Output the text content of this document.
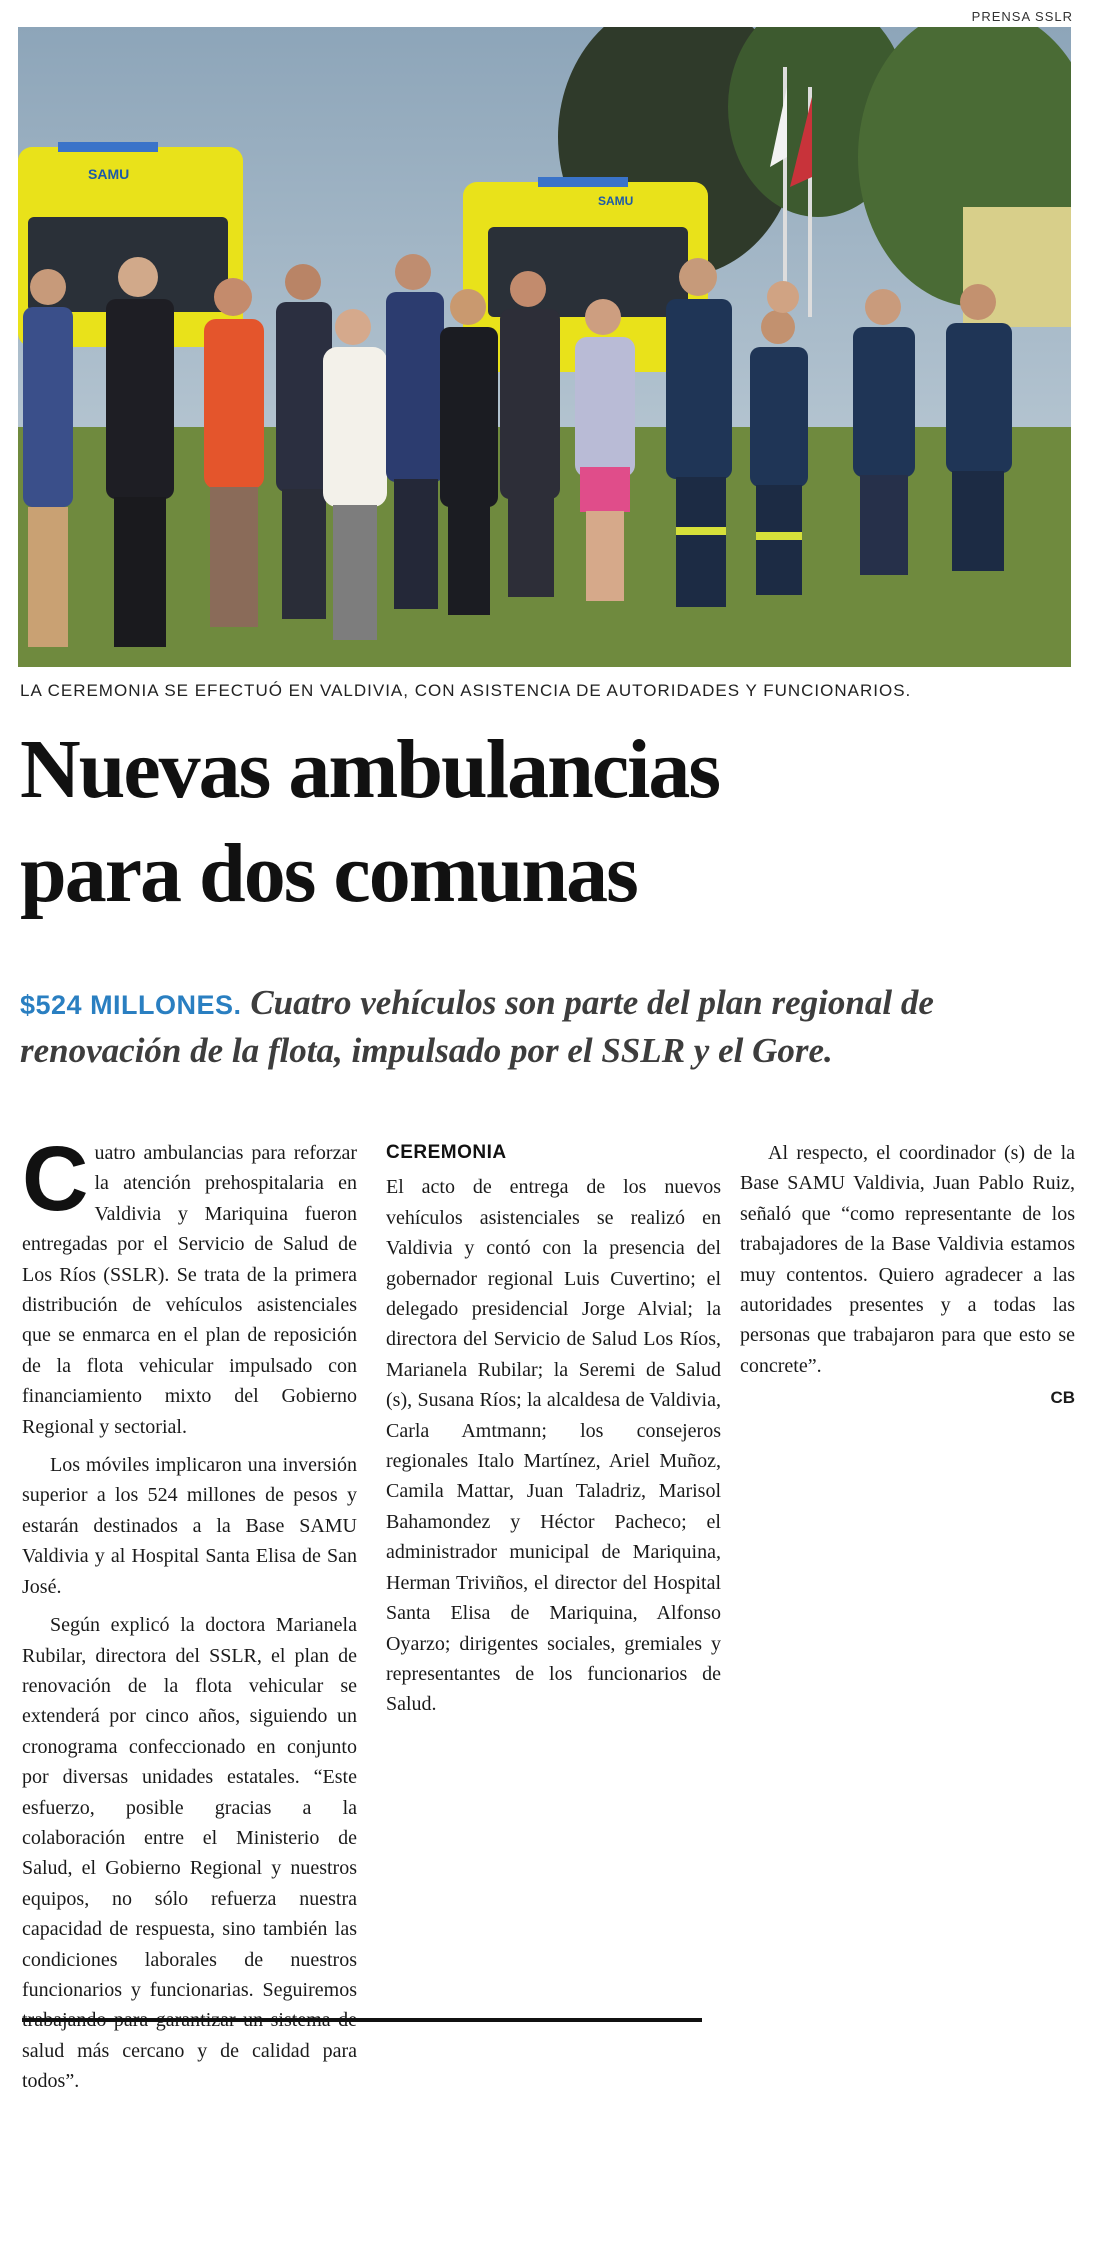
PRENSA SSLR
SAMU
SAMU
LA CEREMONIA SE EFECTUÓ EN VALDIVIA, CON ASISTENCIA DE AUTORIDADES Y FUNCIONARIOS.
Nuevas ambulancias
para dos comunas
$524 MILLONES. Cuatro vehículos son parte del plan regional de renovación de la flota, impulsado por el SSLR y el Gore.

Cuatro ambulancias para reforzar la atención prehospitalaria en Valdivia y Mariquina fueron entregadas por el Servicio de Salud de Los Ríos (SSLR). Se trata de la primera distribución de vehículos asistenciales que se enmarca en el plan de reposición de la flota vehicular impulsado con financiamiento mixto del Gobierno Regional y sectorial.

Los móviles implicaron una inversión superior a los 524 millones de pesos y estarán destinados a la Base SAMU Valdivia y al Hospital Santa Elisa de San José.

Según explicó la doctora Marianela Rubilar, directora del SSLR, el plan de renovación de la flota vehicular se extenderá por cinco años, siguiendo un cronograma confeccionado en conjunto por diversas unidades estatales. “Este esfuerzo, posible gracias a la colaboración entre el Ministerio de Salud, el Gobierno Regional y nuestros equipos, no sólo refuerza nuestra capacidad de respuesta, sino también las condiciones laborales de nuestros funcionarios y funcionarias. Seguiremos salud más cercano y de calidad para todos”.

CEREMONIA

El acto de entrega de los nuevos vehículos asistenciales se realizó en Valdivia y contó con la presencia del gobernador regional Luis Cuvertino; el delegado presidencial Jorge Alvial; la directora del Servicio de Salud Los Ríos, Marianela Rubilar; la Seremi de Salud (s), Susana Ríos; la alcaldesa de Valdivia, Carla Amtmann; los consejeros regionales Italo Martínez, Ariel Muñoz, Camila Mattar, Juan Taladriz, Marisol Bahamondez y Héctor Pacheco; el administrador municipal de Mariquina, Herman Triviños, el director del Hospital Santa Elisa de Mariquina, Alfonso Oyarzo; dirigentes sociales, gremiales y representantes de los funcionarios de Salud.

Al respecto, el coordinador (s) de la Base SAMU Valdivia, Juan Pablo Ruiz, señaló que “como representante de los trabajadores de la Base Valdivia estamos muy contentos. Quiero agradecer a las autoridades presentes y a todas las personas que trabajaron para que esto se concrete”.

CB
